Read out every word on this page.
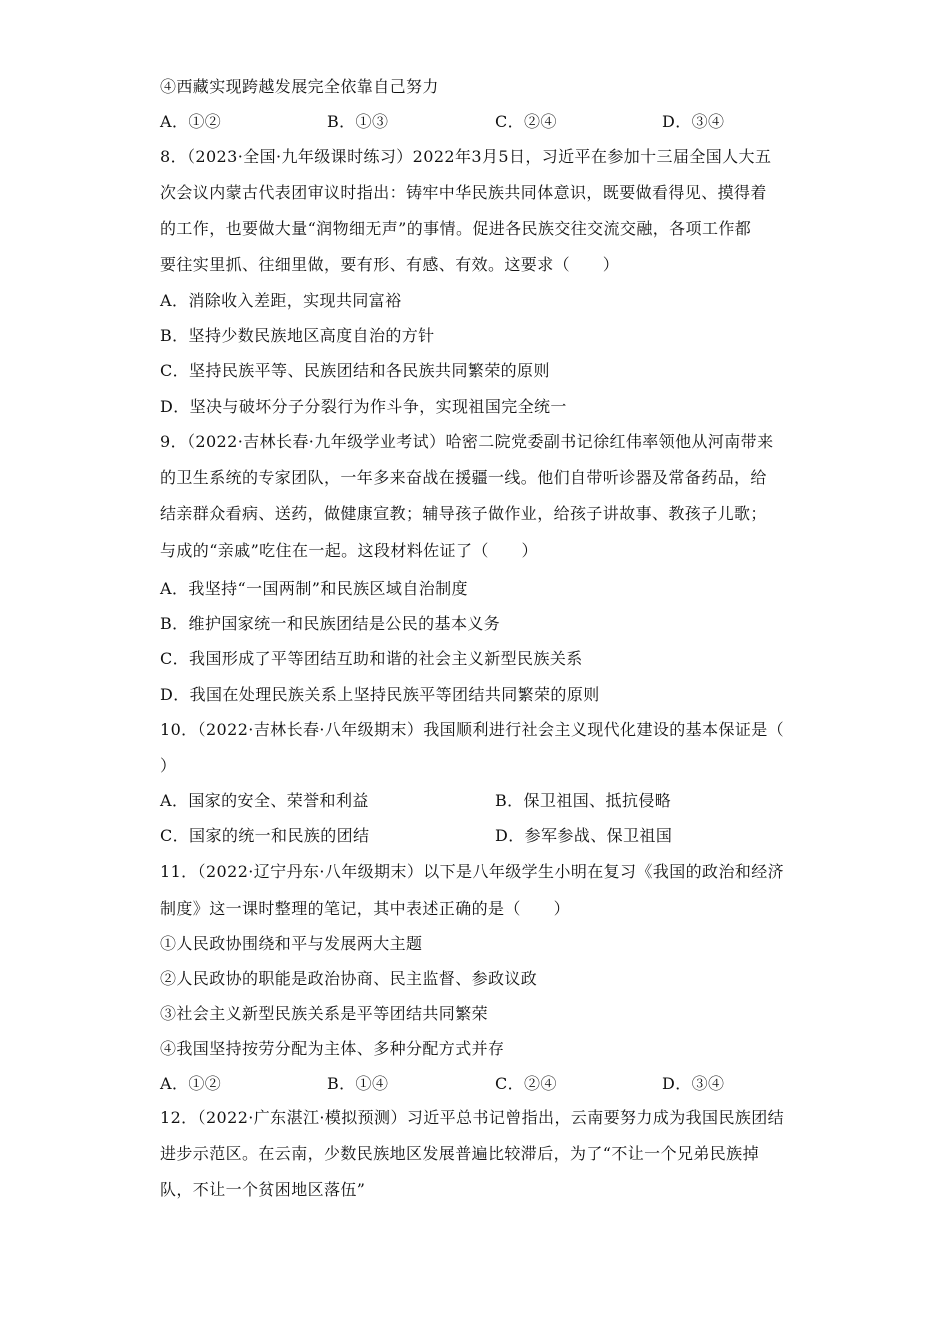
④西藏实现跨越发展完全依靠自己努力
A．①②	B．①③	C．②④	D．③④
8．（2023·全国·九年级课时练习）2022年3月5日，习近平在参加十三届全国人大五
次会议内蒙古代表团审议时指出：铸牢中华民族共同体意识，既要做看得见、摸得着
的工作，也要做大量“润物细无声”的事情。促进各民族交往交流交融，各项工作都
要往实里抓、往细里做，要有形、有感、有效。这要求（　　）
A．消除收入差距，实现共同富裕
B．坚持少数民族地区高度自治的方针
C．坚持民族平等、民族团结和各民族共同繁荣的原则
D．坚决与破坏分子分裂行为作斗争，实现祖国完全统一
9．（2022·吉林长春·九年级学业考试）哈密二院党委副书记徐红伟率领他从河南带来
的卫生系统的专家团队，一年多来奋战在援疆一线。他们自带听诊器及常备药品，给
结亲群众看病、送药，做健康宣教；辅导孩子做作业，给孩子讲故事、教孩子儿歌；
与成的“亲戚”吃住在一起。这段材料佐证了（　　）
A．我坚持“一国两制”和民族区域自治制度
B．维护国家统一和民族团结是公民的基本义务
C．我国形成了平等团结互助和谐的社会主义新型民族关系
D．我国在处理民族关系上坚持民族平等团结共同繁荣的原则
10．（2022·吉林长春·八年级期末）我国顺利进行社会主义现代化建设的基本保证是（
）
A．国家的安全、荣誉和利益	B．保卫祖国、抵抗侵略
C．国家的统一和民族的团结	D．参军参战、保卫祖国
11．（2022·辽宁丹东·八年级期末）以下是八年级学生小明在复习《我国的政治和经济
制度》这一课时整理的笔记，其中表述正确的是（　　）
①人民政协围绕和平与发展两大主题
②人民政协的职能是政治协商、民主监督、参政议政
③社会主义新型民族关系是平等团结共同繁荣
④我国坚持按劳分配为主体、多种分配方式并存
A．①②	B．①④	C．②④	D．③④
12．（2022·广东湛江·模拟预测）习近平总书记曾指出，云南要努力成为我国民族团结
进步示范区。在云南，少数民族地区发展普遍比较滞后，为了“不让一个兄弟民族掉
队，不让一个贫困地区落伍”
